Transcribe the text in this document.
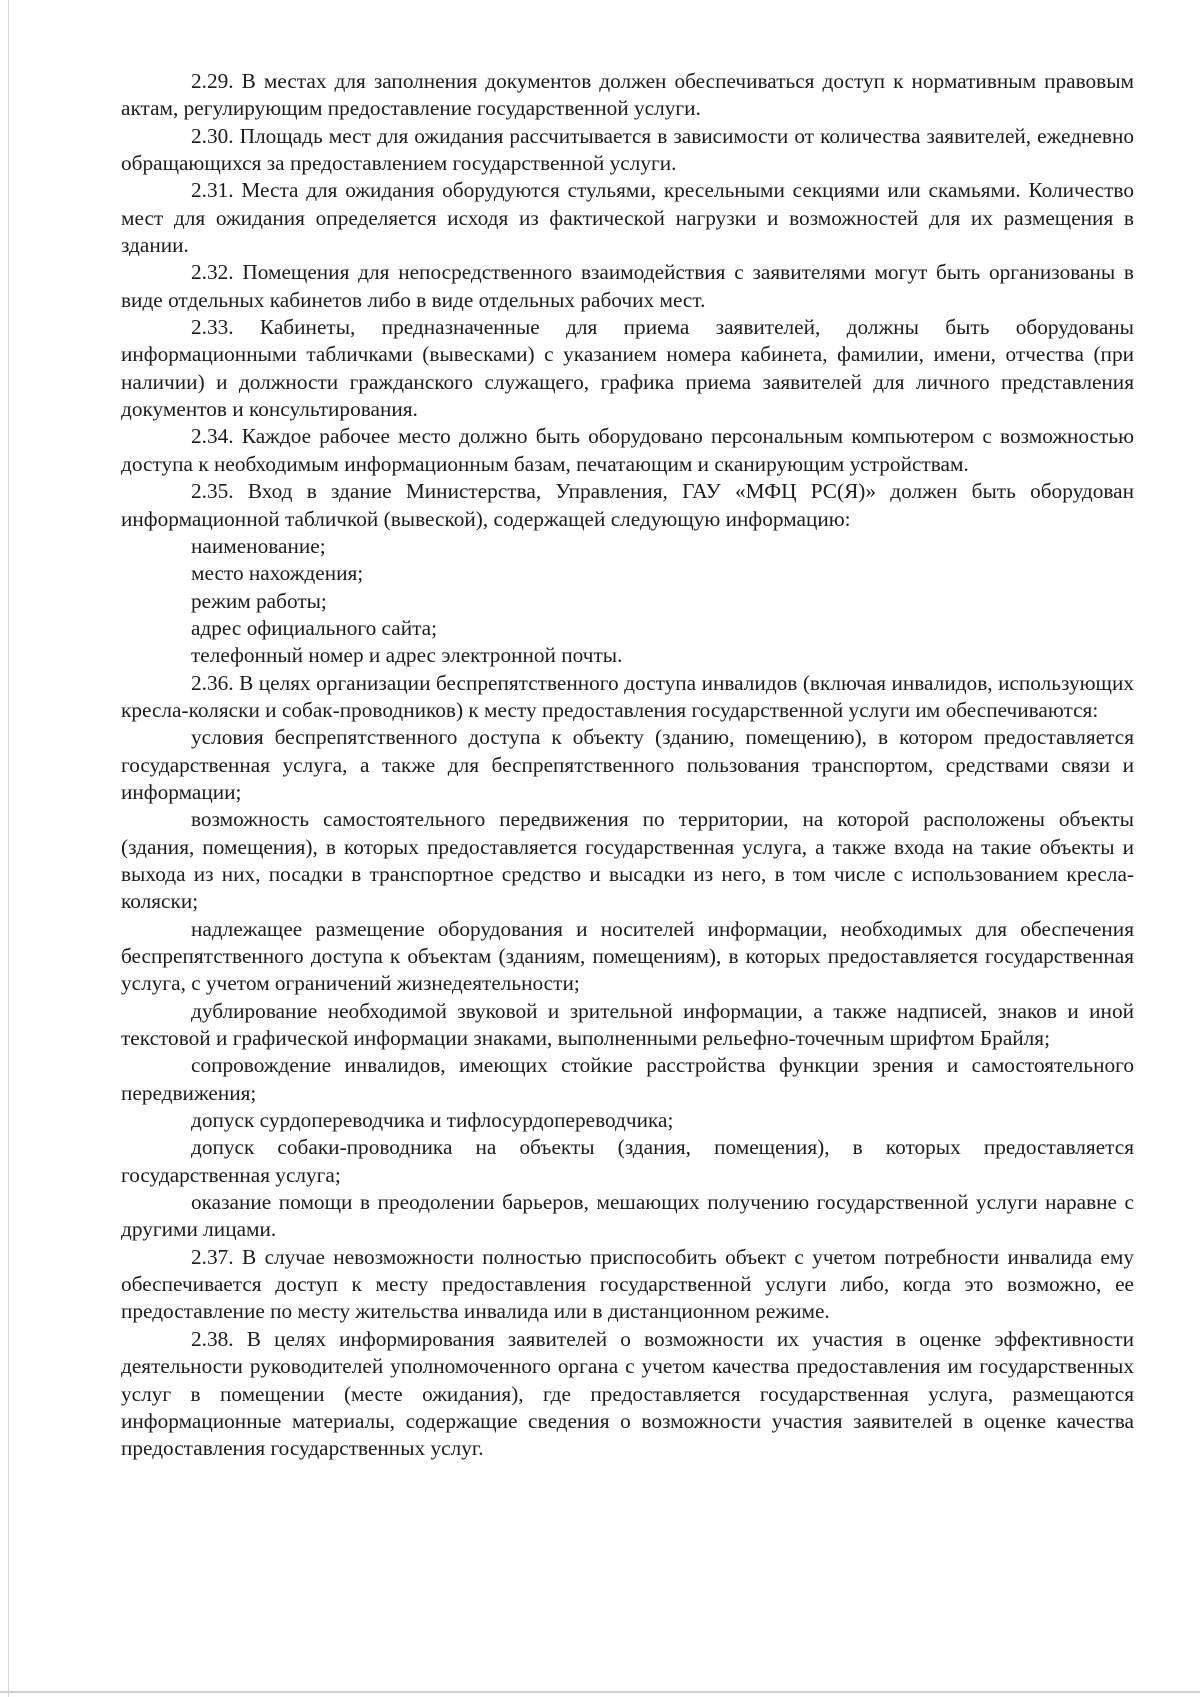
2.29. В местах для заполнения документов должен обеспечиваться доступ к нормативным правовым актам, регулирующим предоставление государственной услуги.

2.30. Площадь мест для ожидания рассчитывается в зависимости от количества заявителей, ежедневно обращающихся за предоставлением государственной услуги.

2.31. Места для ожидания оборудуются стульями, кресельными секциями или скамьями. Количество мест для ожидания определяется исходя из фактической нагрузки и возможностей для их размещения в здании.

2.32. Помещения для непосредственного взаимодействия с заявителями могут быть организованы в виде отдельных кабинетов либо в виде отдельных рабочих мест.

2.33. Кабинеты, предназначенные для приема заявителей, должны быть оборудованы информационными табличками (вывесками) с указанием номера кабинета, фамилии, имени, отчества (при наличии) и должности гражданского служащего, графика приема заявителей для личного представления документов и консультирования.

2.34. Каждое рабочее место должно быть оборудовано персональным компьютером с возможностью доступа к необходимым информационным базам, печатающим и сканирующим устройствам.

2.35. Вход в здание Министерства, Управления, ГАУ «МФЦ РС(Я)» должен быть оборудован информационной табличкой (вывеской), содержащей следующую информацию:

наименование;

место нахождения;

режим работы;

адрес официального сайта;

телефонный номер и адрес электронной почты.

2.36. В целях организации беспрепятственного доступа инвалидов (включая инвалидов, использующих кресла-коляски и собак-проводников) к месту предоставления государственной услуги им обеспечиваются:

условия беспрепятственного доступа к объекту (зданию, помещению), в котором предоставляется государственная услуга, а также для беспрепятственного пользования транспортом, средствами связи и информации;

возможность самостоятельного передвижения по территории, на которой расположены объекты (здания, помещения), в которых предоставляется государственная услуга, а также входа на такие объекты и выхода из них, посадки в транспортное средство и высадки из него, в том числе с использованием кресла-коляски;

надлежащее размещение оборудования и носителей информации, необходимых для обеспечения беспрепятственного доступа к объектам (зданиям, помещениям), в которых предоставляется государственная услуга, с учетом ограничений жизнедеятельности;

дублирование необходимой звуковой и зрительной информации, а также надписей, знаков и иной текстовой и графической информации знаками, выполненными рельефно-точечным шрифтом Брайля;

сопровождение инвалидов, имеющих стойкие расстройства функции зрения и самостоятельного передвижения;

допуск сурдопереводчика и тифлосурдопереводчика;

допуск собаки-проводника на объекты (здания, помещения), в которых предоставляется государственная услуга;

оказание помощи в преодолении барьеров, мешающих получению государственной услуги наравне с другими лицами.

2.37. В случае невозможности полностью приспособить объект с учетом потребности инвалида ему обеспечивается доступ к месту предоставления государственной услуги либо, когда это возможно, ее предоставление по месту жительства инвалида или в дистанционном режиме.

2.38. В целях информирования заявителей о возможности их участия в оценке эффективности деятельности руководителей уполномоченного органа с учетом качества предоставления им государственных услуг в помещении (месте ожидания), где предоставляется государственная услуга, размещаются информационные материалы, содержащие сведения о возможности участия заявителей в оценке качества предоставления государственных услуг.
